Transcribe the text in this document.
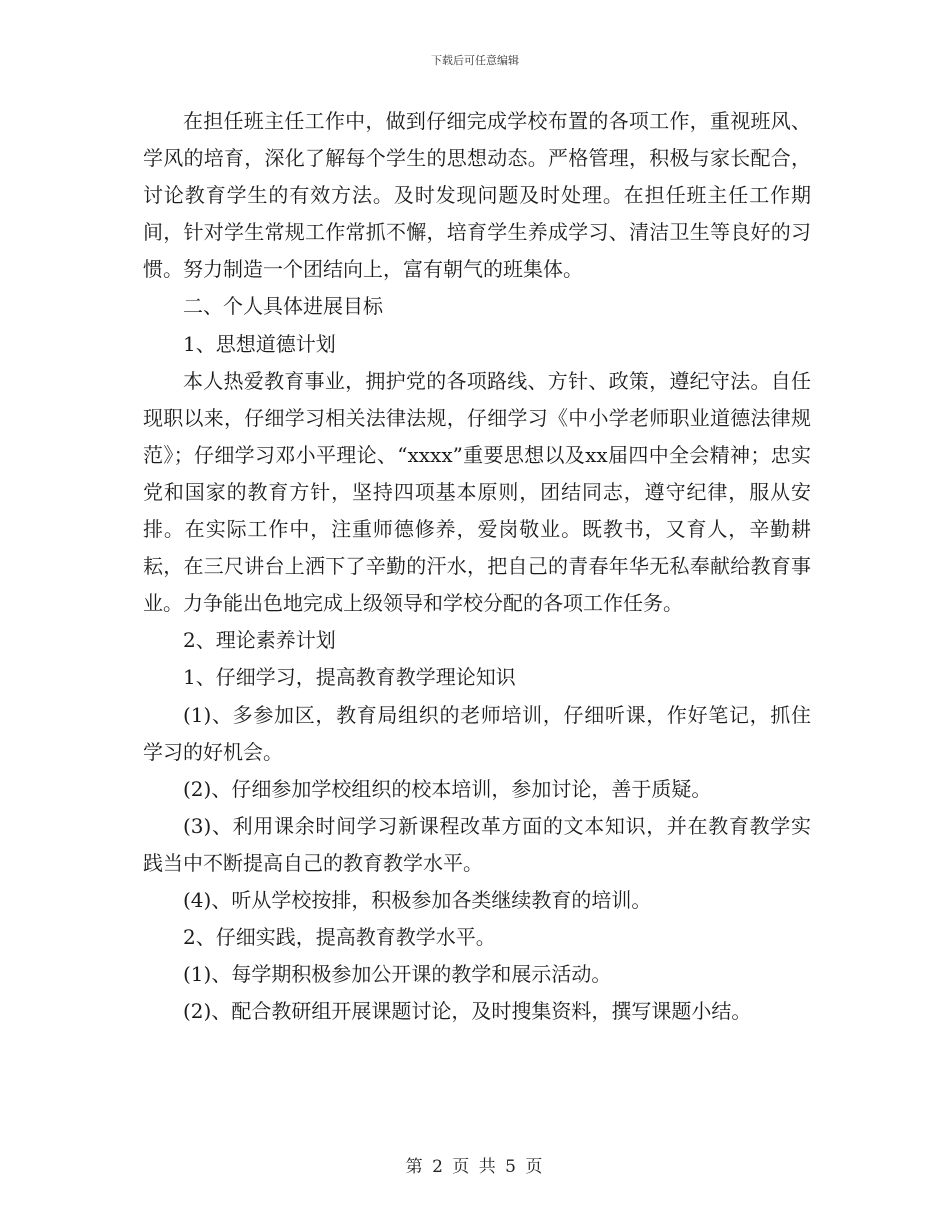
下载后可任意编辑

在担任班主任工作中，做到仔细完成学校布置的各项工作，重视班风、学风的培育，深化了解每个学生的思想动态。严格管理，积极与家长配合，讨论教育学生的有效方法。及时发现问题及时处理。在担任班主任工作期间，针对学生常规工作常抓不懈，培育学生养成学习、清洁卫生等良好的习惯。努力制造一个团结向上，富有朝气的班集体。

二、个人具体进展目标

1、思想道德计划

本人热爱教育事业，拥护党的各项路线、方针、政策，遵纪守法。自任现职以来，仔细学习相关法律法规，仔细学习《中小学老师职业道德法律规范》；仔细学习邓小平理论、“xxxx”重要思想以及xx届四中全会精神；忠实党和国家的教育方针，坚持四项基本原则，团结同志，遵守纪律，服从安排。在实际工作中，注重师德修养，爱岗敬业。既教书，又育人，辛勤耕耘，在三尺讲台上洒下了辛勤的汗水，把自己的青春年华无私奉献给教育事业。力争能出色地完成上级领导和学校分配的各项工作任务。

2、理论素养计划

1、仔细学习，提高教育教学理论知识

(1)、多参加区，教育局组织的老师培训，仔细听课，作好笔记，抓住学习的好机会。

(2)、仔细参加学校组织的校本培训，参加讨论，善于质疑。

(3)、利用课余时间学习新课程改革方面的文本知识，并在教育教学实践当中不断提高自己的教育教学水平。

(4)、听从学校按排，积极参加各类继续教育的培训。

2、仔细实践，提高教育教学水平。

(1)、每学期积极参加公开课的教学和展示活动。

(2)、配合教研组开展课题讨论，及时搜集资料，撰写课题小结。

第 2 页 共 5 页
